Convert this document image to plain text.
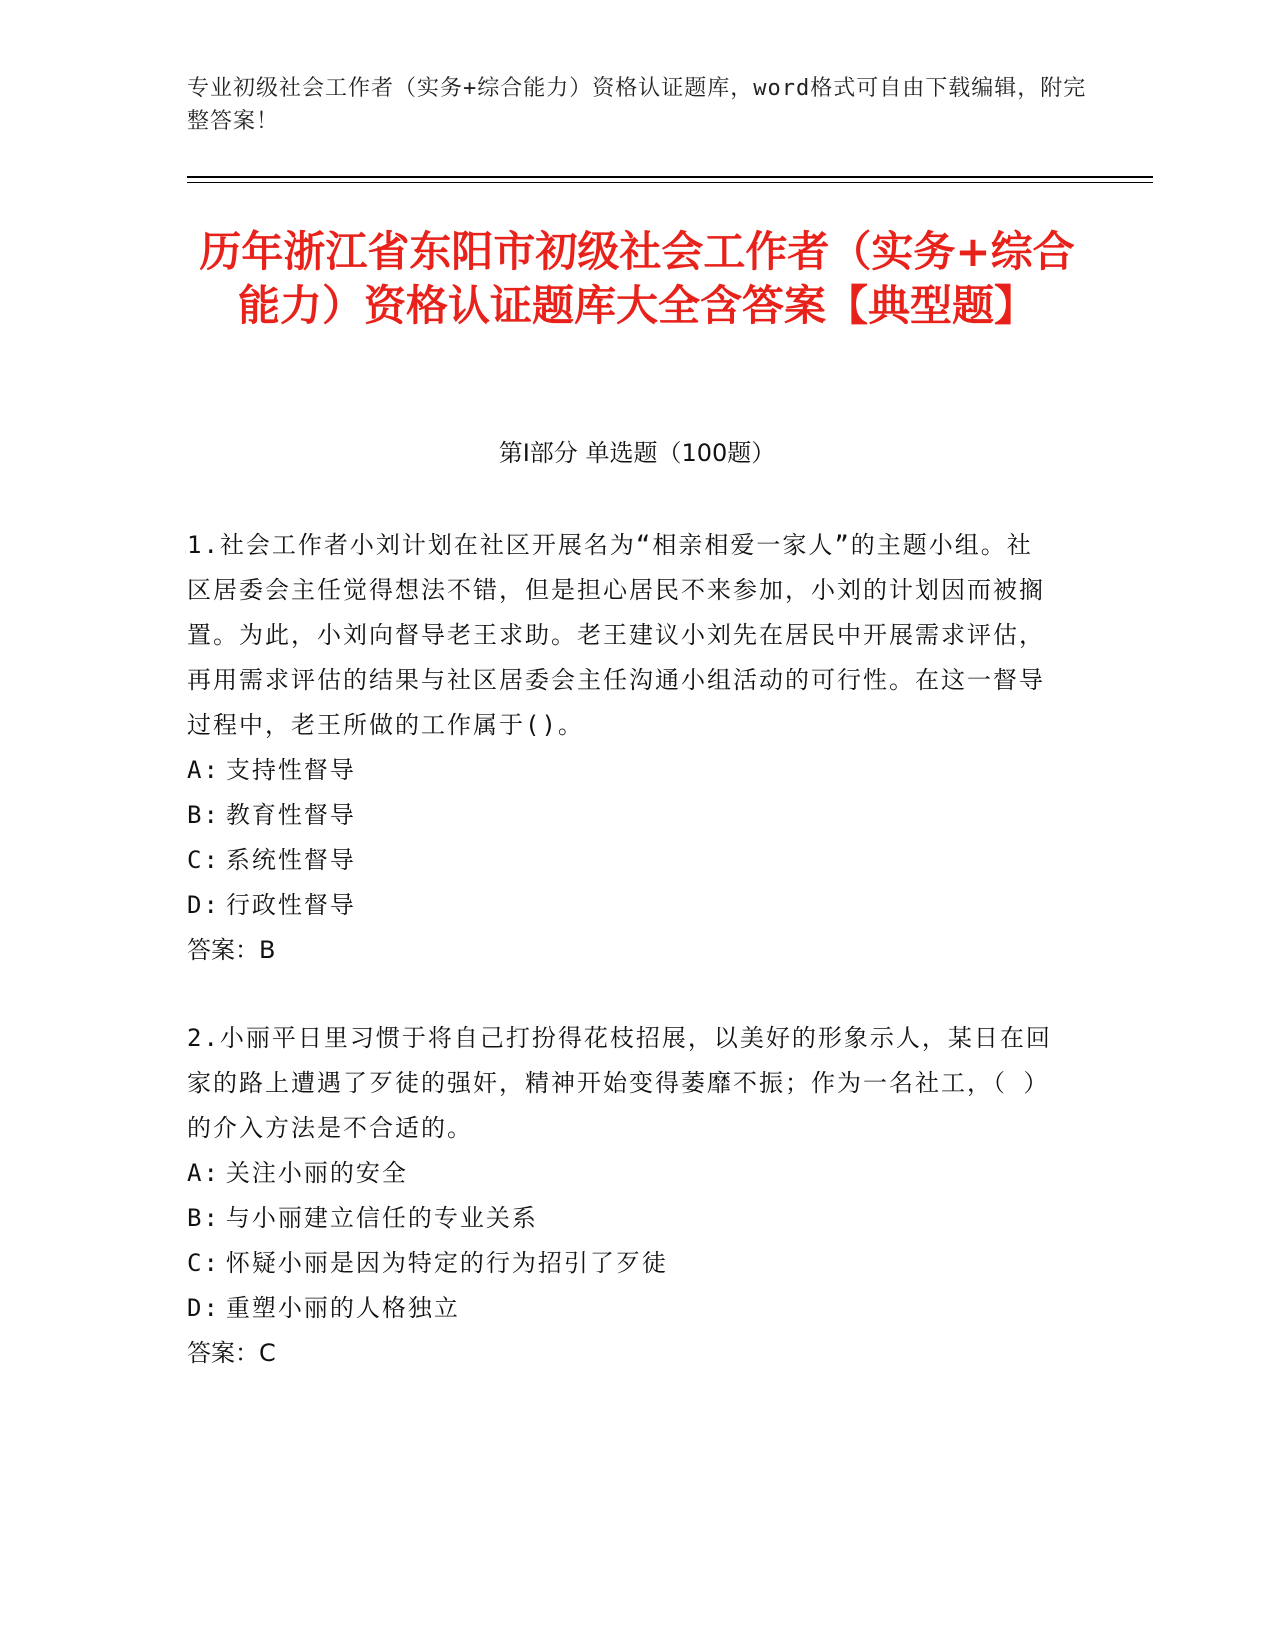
专业初级社会工作者（实务+综合能力）资格认证题库，word格式可自由下载编辑，附完整答案！
历年浙江省东阳市初级社会工作者（实务+综合能力）资格认证题库大全含答案【典型题】
第Ⅰ部分 单选题（100题）

1.社会工作者小刘计划在社区开展名为“相亲相爱一家人”的主题小组。社区居委会主任觉得想法不错，但是担心居民不来参加，小刘的计划因而被搁置。为此，小刘向督导老王求助。老王建议小刘先在居民中开展需求评估，再用需求评估的结果与社区居委会主任沟通小组活动的可行性。在这一督导过程中，老王所做的工作属于()。

A: 支持性督导

B: 教育性督导

C: 系统性督导

D: 行政性督导

答案：B

2.小丽平日里习惯于将自己打扮得花枝招展，以美好的形象示人，某日在回家的路上遭遇了歹徒的强奸，精神开始变得萎靡不振；作为一名社工，（ ）的介入方法是不合适的。

A: 关注小丽的安全

B: 与小丽建立信任的专业关系

C: 怀疑小丽是因为特定的行为招引了歹徒

D: 重塑小丽的人格独立

答案：C
